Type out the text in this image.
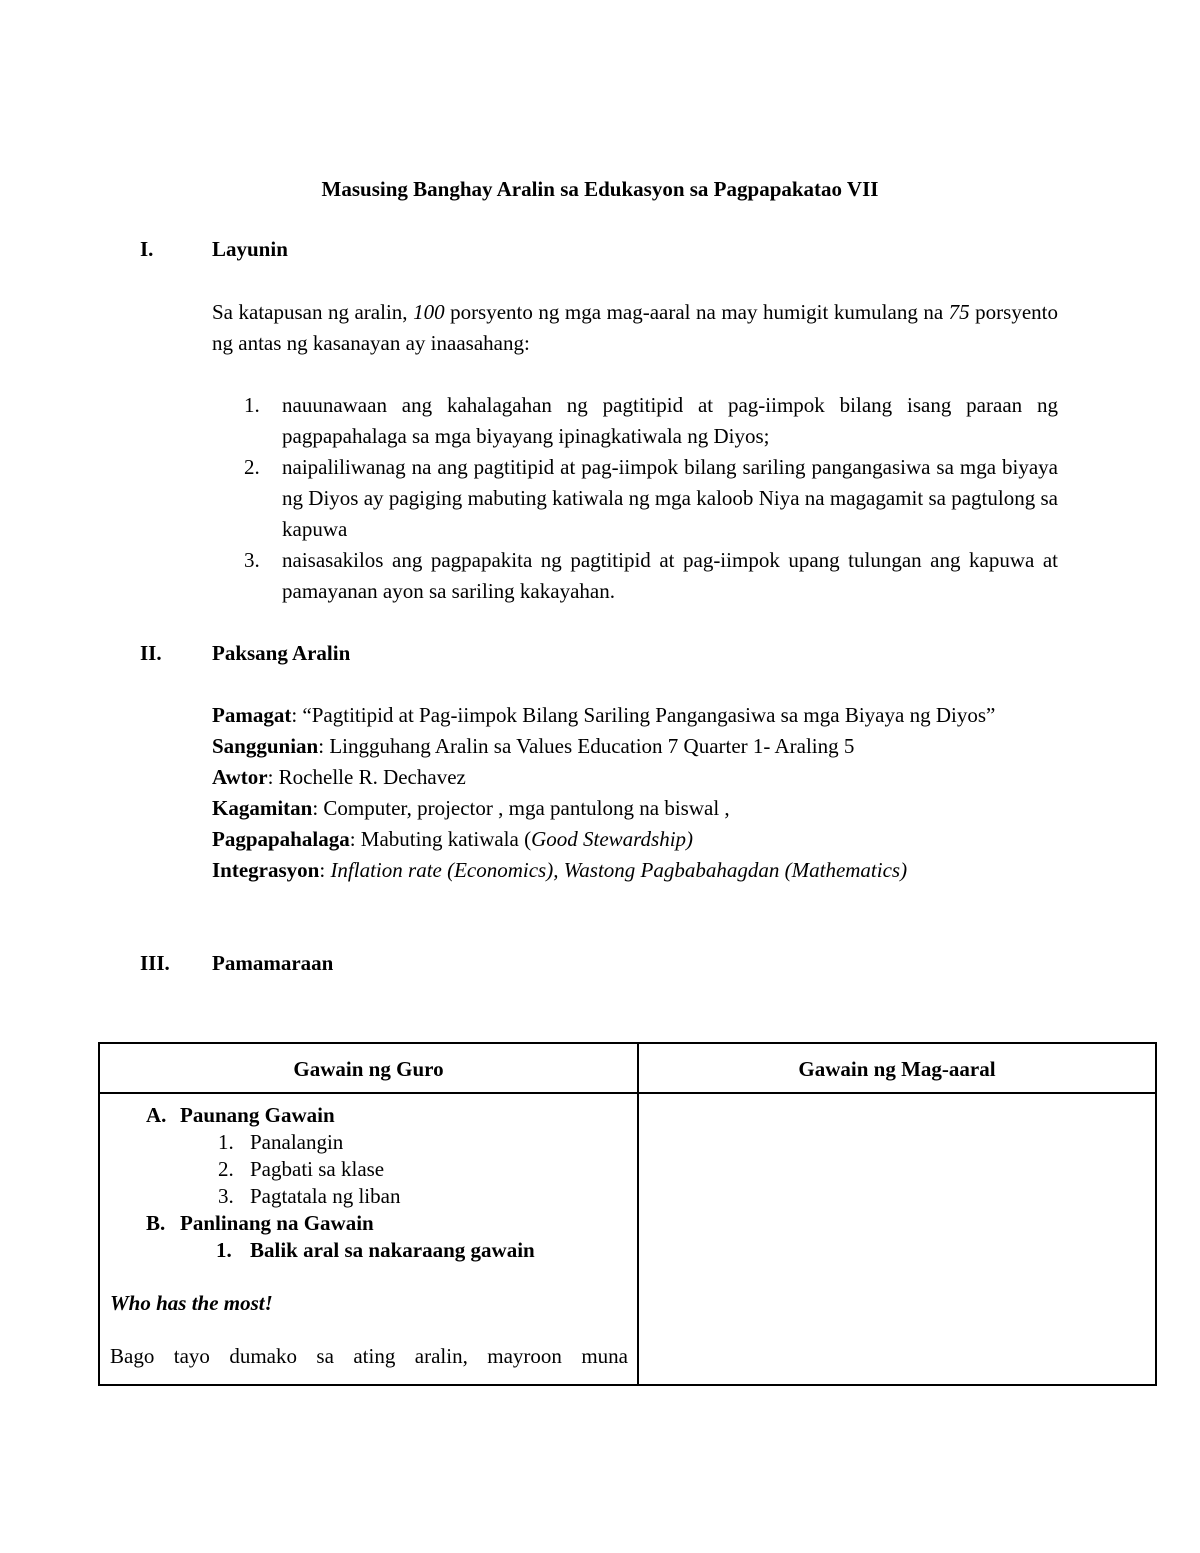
Masusing Banghay Aralin sa Edukasyon sa Pagpapakatao VII
I.	Layunin
Sa katapusan ng aralin, 100 porsyento ng mga mag-aaral na may humigit kumulang na 75 porsyento ng antas ng kasanayan ay inaasahang:
1. nauunawaan ang kahalagahan ng pagtitipid at pag-iimpok bilang isang paraan ng pagpapahalaga sa mga biyayang ipinagkatiwala ng Diyos;
2. naipaliliwanag na ang pagtitipid at pag-iimpok bilang sariling pangangasiwa sa mga biyaya ng Diyos ay pagiging mabuting katiwala ng mga kaloob Niya na magagamit sa pagtulong sa kapuwa
3. naisasakilos ang pagpapakita ng pagtitipid at pag-iimpok upang tulungan ang kapuwa at pamayanan ayon sa sariling kakayahan.
II. Paksang Aralin
Pamagat: “Pagtitipid at Pag-iimpok Bilang Sariling Pangangasiwa sa mga Biyaya ng Diyos”
Sanggunian: Lingguhang Aralin sa Values Education 7 Quarter 1- Araling 5
Awtor: Rochelle R. Dechavez
Kagamitan: Computer, projector , mga pantulong na biswal ,
Pagpapahalaga: Mabuting katiwala (Good Stewardship)
Integrasyon: Inflation rate (Economics), Wastong Pagbabahagdan (Mathematics)
III. Pamamaraan
Gawain ng Guro	Gawain ng Mag-aaral
A. Paunang Gawain
1. Panalangin
2. Pagbati sa klase
3. Pagtatala ng liban
B. Panlinang na Gawain
1. Balik aral sa nakaraang gawain
Who has the most!
Bago tayo dumako sa ating aralin, mayroon muna
